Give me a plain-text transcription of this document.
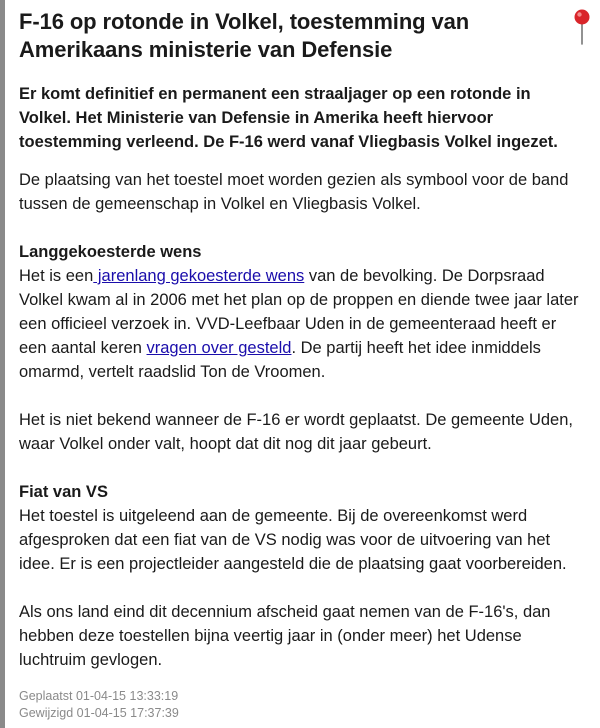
F-16 op rotonde in Volkel, toestemming van Amerikaans ministerie van Defensie

Er komt definitief en permanent een straaljager op een rotonde in Volkel. Het Ministerie van Defensie in Amerika heeft hiervoor toestemming verleend. De F-16 werd vanaf Vliegbasis Volkel ingezet.

De plaatsing van het toestel moet worden gezien als symbool voor de band tussen de gemeenschap in Volkel en Vliegbasis Volkel.

Langgekoesterde wens

Het is een jarenlang gekoesterde wens van de bevolking. De Dorpsraad Volkel kwam al in 2006 met het plan op de proppen en diende twee jaar later een officieel verzoek in. VVD-Leefbaar Uden in de gemeenteraad heeft er een aantal keren vragen over gesteld. De partij heeft het idee inmiddels omarmd, vertelt raadslid Ton de Vroomen.

Het is niet bekend wanneer de F-16 er wordt geplaatst. De gemeente Uden, waar Volkel onder valt, hoopt dat dit nog dit jaar gebeurt.

Fiat van VS

Het toestel is uitgeleend aan de gemeente. Bij de overeenkomst werd afgesproken dat een fiat van de VS nodig was voor de uitvoering van het idee. Er is een projectleider aangesteld die de plaatsing gaat voorbereiden.

Als ons land eind dit decennium afscheid gaat nemen van de F-16's, dan hebben deze toestellen bijna veertig jaar in (onder meer) het Udense luchtruim gevlogen.

Geplaatst 01-04-15 13:33:19

Gewijzigd 01-04-15 17:37:39
